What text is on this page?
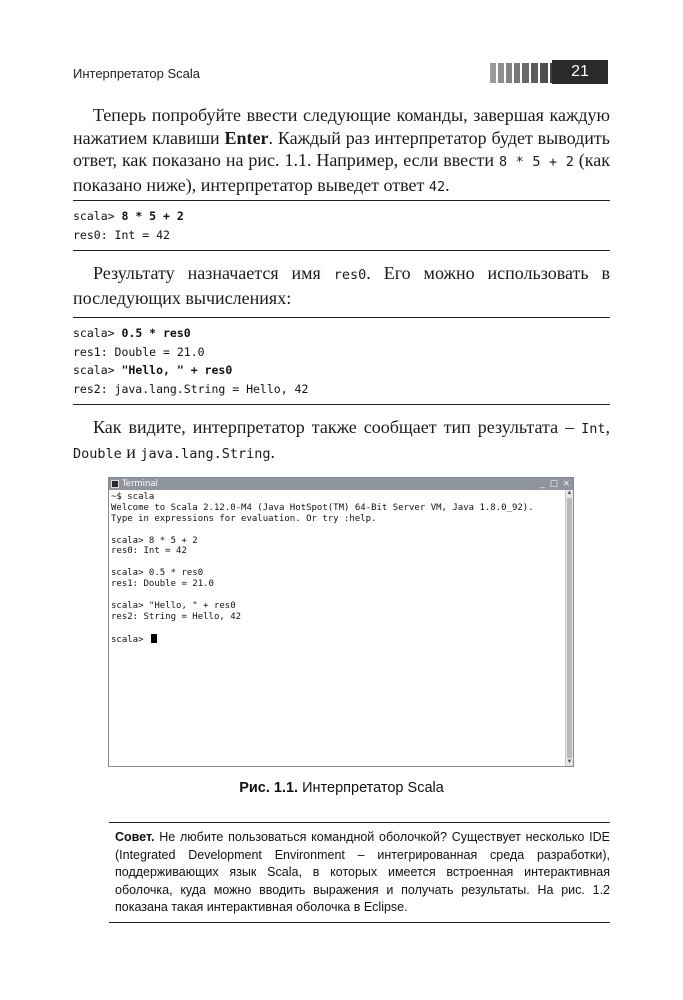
Интерпретатор Scala	21
Теперь попробуйте ввести следующие команды, завершая каждую нажатием клавиши Enter. Каждый раз интерпретатор будет выводить ответ, как показано на рис. 1.1. Например, если ввести 8 * 5 + 2 (как показано ниже), интерпретатор выведет ответ 42.
scala> 8 * 5 + 2
res0: Int = 42
Результату назначается имя res0. Его можно использовать в последующих вычислениях:
scala> 0.5 * res0
res1: Double = 21.0
scala> "Hello, " + res0
res2: java.lang.String = Hello, 42
Как видите, интерпретатор также сообщает тип результата – Int, Double и java.lang.String.
Terminal	_ □ ×
~$ scala
Welcome to Scala 2.12.0-M4 (Java HotSpot(TM) 64-Bit Server VM, Java 1.8.0_92).
Type in expressions for evaluation. Or try :help.
scala> 8 * 5 + 2
res0: Int = 42
scala> 0.5 * res0
res1: Double = 21.0
scala> "Hello, " + res0
res2: String = Hello, 42
scala>
▲
▼
Рис. 1.1. Интерпретатор Scala
Совет. Не любите пользоваться командной оболочкой? Существует несколько IDE (Integrated Development Environment – интегрированная среда разработки), поддерживающих язык Scala, в которых имеется встроенная интерактивная оболочка, куда можно вводить выражения и получать результаты. На рис. 1.2 показана такая интерактивная оболочка в Eclipse.
